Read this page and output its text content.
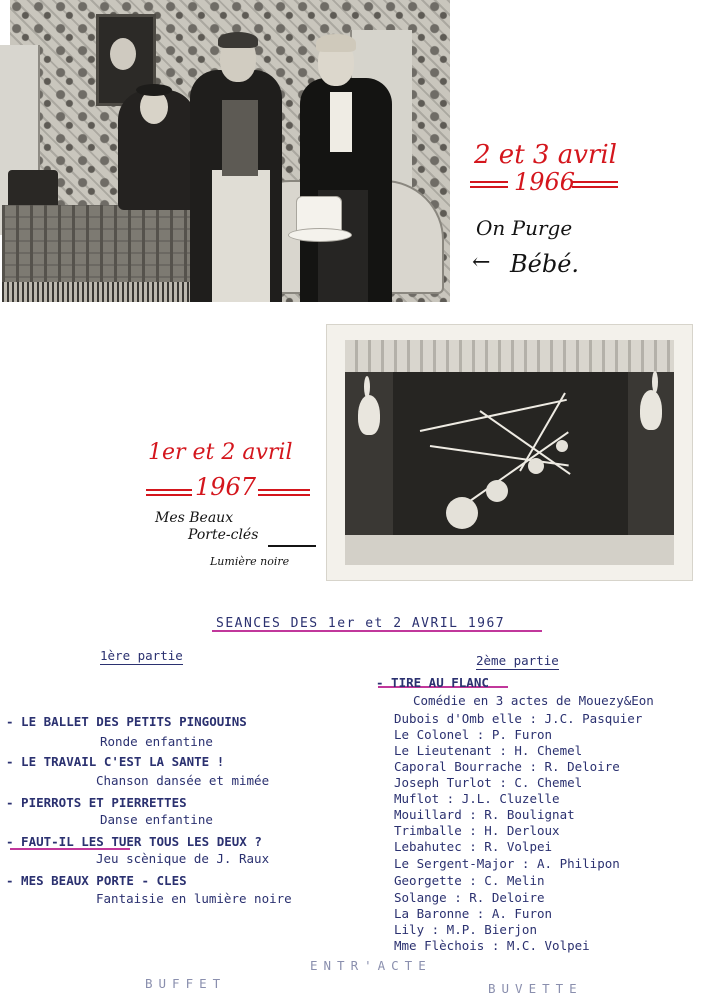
2 et 3 avril
1966
On Purge
← Bébé.
1er et 2 avril
1967
Mes Beaux
Porte-clés
Lumière noire
SEANCES DES 1er et 2 AVRIL 1967
1ère partie	2ème partie
- LE BALLET DES PETITS PINGOUINS
Ronde enfantine
- LE TRAVAIL C'EST LA SANTE !
Chanson dansée et mimée
- PIERROTS ET PIERRETTES
Danse enfantine
- FAUT-IL LES TUER TOUS LES DEUX ?
Jeu scènique de J. Raux
- MES BEAUX PORTE - CLES
Fantaisie en lumière noire
- TIRE AU FLANC
Comédie en 3 actes de Mouezy&Eon
Dubois d'Omb elle : J.C. Pasquier
Le Colonel : P. Furon
Le Lieutenant : H. Chemel
Caporal Bourrache : R. Deloire
Joseph Turlot : C. Chemel
Muflot : J.L. Cluzelle
Mouillard : R. Boulignat
Trimballe : H. Derloux
Lebahutec : R. Volpei
Le Sergent-Major : A. Philipon
Georgette : C. Melin
Solange : R. Deloire
La Baronne : A. Furon
Lily : M.P. Bierjon
Mme Flèchois : M.C. Volpei
ENTR'ACTE
BUFFET	BUVETTE
